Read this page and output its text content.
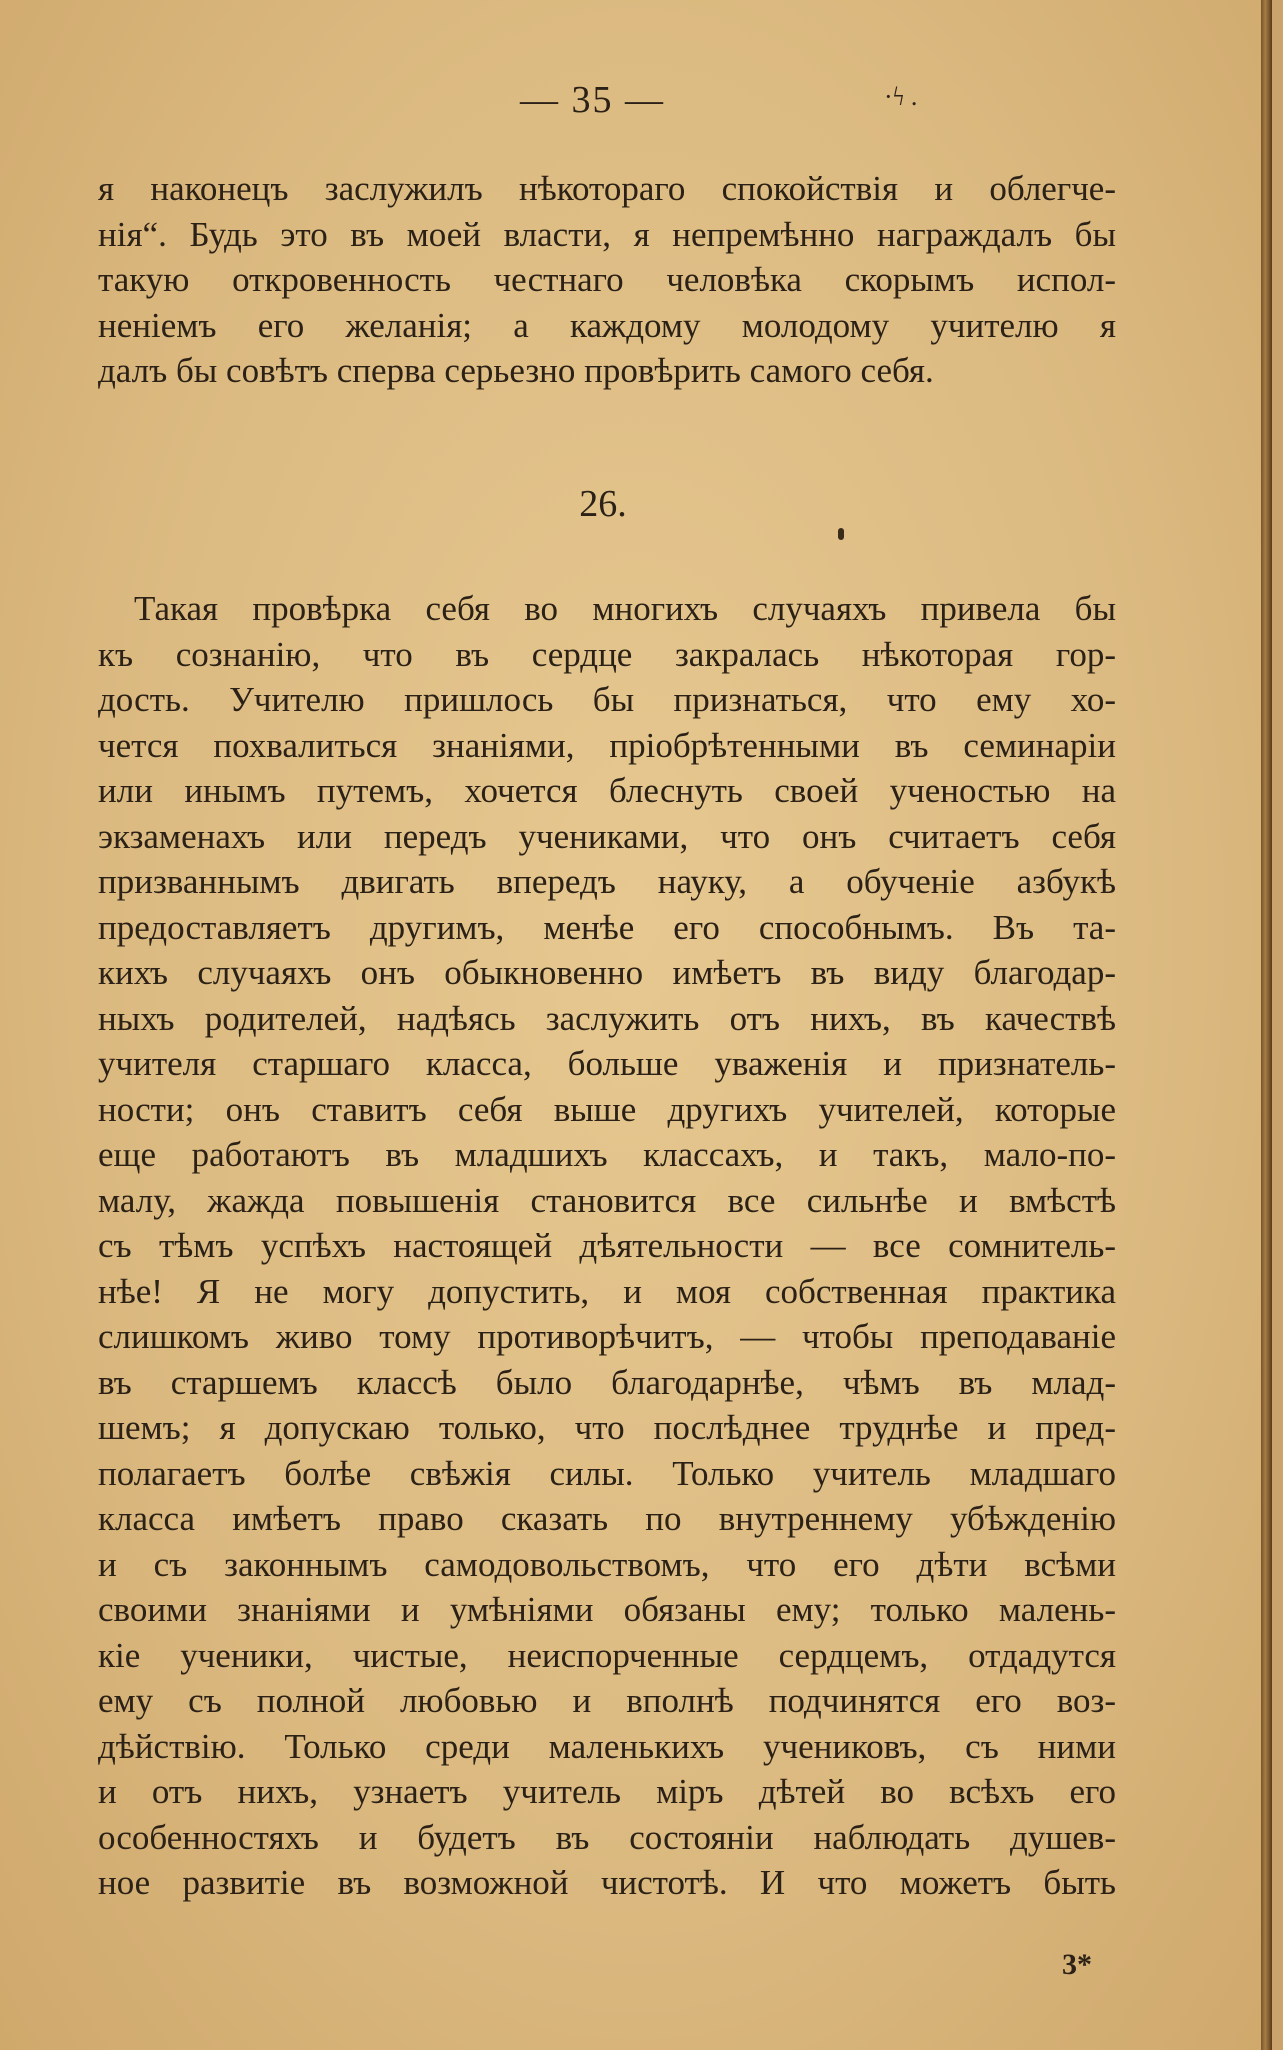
— 35 —	·ϟ .
я наконецъ заслужилъ нѣкотораго спокойствія и облегче-
нія“. Будь это въ моей власти, я непремѣнно награждалъ бы
такую откровенность честнаго человѣка скорымъ испол-
неніемъ его желанія; а каждому молодому учителю я
далъ бы совѣтъ сперва серьезно провѣрить самого себя.
26.
Такая провѣрка себя во многихъ случаяхъ привела бы
къ сознанію, что въ сердце закралась нѣкоторая гор-
дость. Учителю пришлось бы признаться, что ему хо-
чется похвалиться знаніями, пріобрѣтенными въ семинаріи
или инымъ путемъ, хочется блеснуть своей ученостью на
экзаменахъ или передъ учениками, что онъ считаетъ себя
призваннымъ двигать впередъ науку, а обученіе азбукѣ
предоставляетъ другимъ, менѣе его способнымъ. Въ та-
кихъ случаяхъ онъ обыкновенно имѣетъ въ виду благодар-
ныхъ родителей, надѣясь заслужить отъ нихъ, въ качествѣ
учителя старшаго класса, больше уваженія и признатель-
ности; онъ ставитъ себя выше другихъ учителей, которые
еще работаютъ въ младшихъ классахъ, и такъ, мало-по-
малу, жажда повышенія становится все сильнѣе и вмѣстѣ
съ тѣмъ успѣхъ настоящей дѣятельности — все сомнитель-
нѣе! Я не могу допустить, и моя собственная практика
слишкомъ живо тому противорѣчитъ, — чтобы преподаваніе
въ старшемъ классѣ было благодарнѣе, чѣмъ въ млад-
шемъ; я допускаю только, что послѣднее труднѣе и пред-
полагаетъ болѣе свѣжія силы. Только учитель младшаго
класса имѣетъ право сказать по внутреннему убѣжденію
и съ законнымъ самодовольствомъ, что его дѣти всѣми
своими знаніями и умѣніями обязаны ему; только малень-
кіе ученики, чистые, неиспорченные сердцемъ, отдадутся
ему съ полной любовью и вполнѣ подчинятся его воз-
дѣйствію. Только среди маленькихъ учениковъ, съ ними
и отъ нихъ, узнаетъ учитель міръ дѣтей во всѣхъ его
особенностяхъ и будетъ въ состояніи наблюдать душев-
ное развитіе въ возможной чистотѣ. И что можетъ быть
3*
